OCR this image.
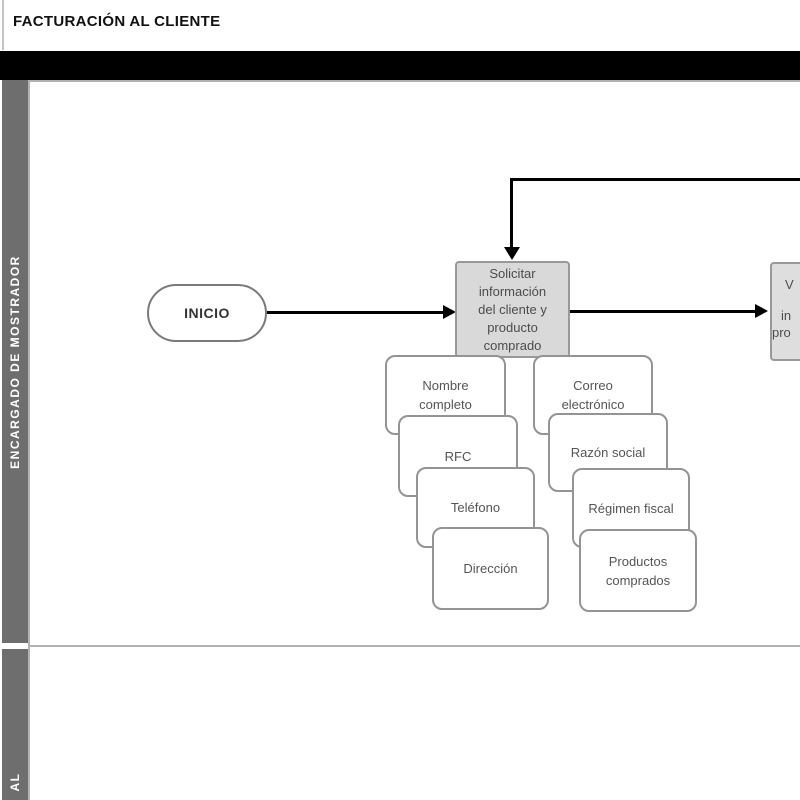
FACTURACIÓN AL CLIENTE
ENCARGADO DE MOSTRADOR
AL
INICIO
Solicitar
información
del cliente y
producto
comprado
V
in
pro
Nombre completo
Correo electrónico
RFC	Razón social
Teléfono	Régimen fiscal
Dirección	Productos comprados
